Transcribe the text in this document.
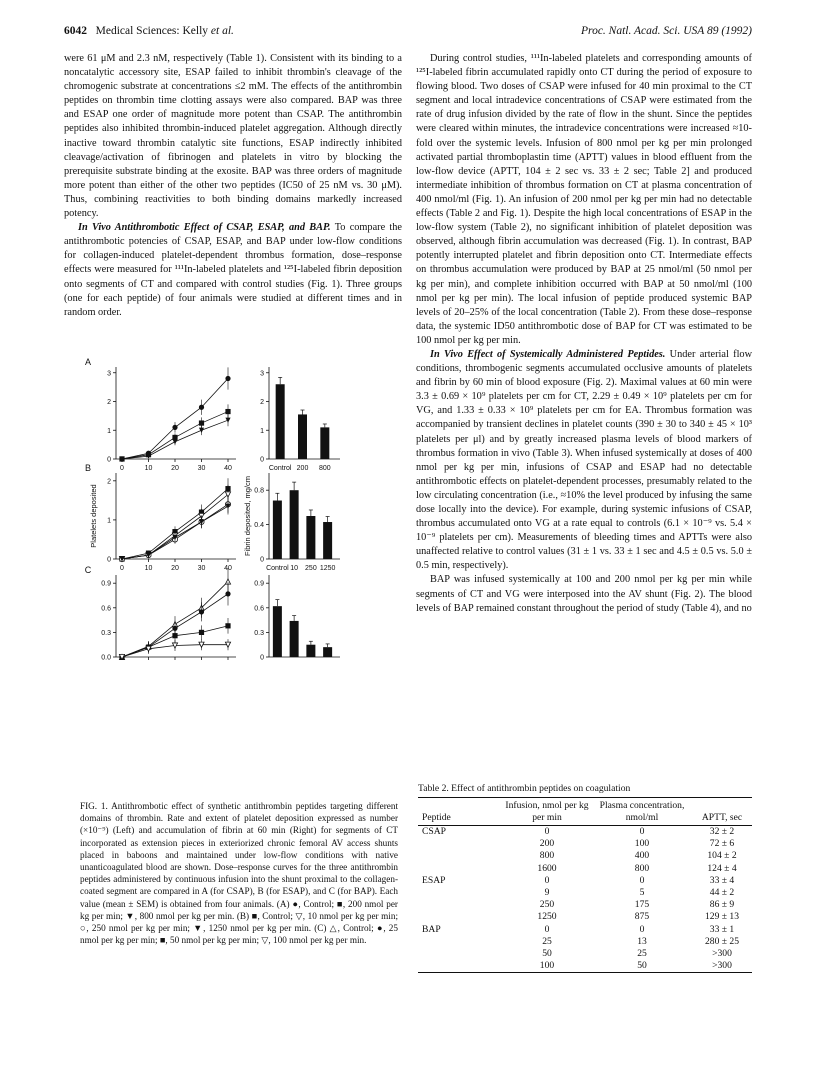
6042 Medical Sciences: Kelly et al.	Proc. Natl. Acad. Sci. USA 89 (1992)

were 61 μM and 2.3 nM, respectively (Table 1). Consistent with its binding to a noncatalytic accessory site, ESAP failed to inhibit thrombin's cleavage of the chromogenic substrate at concentrations ≤2 mM. The effects of the antithrombin peptides on thrombin time clotting assays were also compared. BAP was three and ESAP one order of magnitude more potent than CSAP. The antithrombin peptides also inhibited thrombin-induced platelet aggregation. Although directly inactive toward thrombin catalytic site functions, ESAP indirectly inhibited cleavage/activation of fibrinogen and platelets in vitro by blocking the prerequisite substrate binding at the exosite. BAP was three orders of magnitude more potent than either of the other two peptides (IC50 of 25 nM vs. 30 μM). Thus, combining reactivities to both binding domains markedly increased potency.

In Vivo Antithrombotic Effect of CSAP, ESAP, and BAP. To compare the antithrombotic potencies of CSAP, ESAP, and BAP under low-flow conditions for collagen-induced platelet-dependent thrombus formation, dose–response effects were measured for ¹¹¹In-labeled platelets and ¹²⁵I-labeled fibrin deposition onto segments of CT and compared with control studies (Fig. 1). Three groups (one for each peptide) of four animals were studied at different times and in random order.

A
0
1
2
3
0	10	20	30	40
0
1
2
3
Control 200 800
B
0
1
2
0	10	20	30	40
0
0.4
0.8
Control 10 250 1250
C
0.0
0.3
0.6
0.9
0
0.3
0.6
0.9
Platelets deposited	Fibrin deposited, mg/cm

FIG. 1. Antithrombotic effect of synthetic antithrombin peptides targeting different domains of thrombin. Rate and extent of platelet deposition expressed as number (×10⁻⁹) (Left) and accumulation of fibrin at 60 min (Right) for segments of CT incorporated as extension pieces in exteriorized chronic femoral AV access shunts placed in baboons and maintained under low-flow conditions with native unanticoagulated blood are shown. Dose–response curves for the three antithrombin peptides administered by continuous infusion into the shunt proximal to the collagen-coated segment are compared in A (for CSAP), B (for ESAP), and C (for BAP). Each value (mean ± SEM) is obtained from four animals. (A) ●, Control; ■, 200 nmol per kg per min; ▼, 800 nmol per kg per min. (B) ■, Control; ▽, 10 nmol per kg per min; ○, 250 nmol per kg per min; ▼, 1250 nmol per kg per min. (C) △, Control; ●, 25 nmol per kg per min; ■, 50 nmol per kg per min; ▽, 100 nmol per kg per min.

During control studies, ¹¹¹In-labeled platelets and corresponding amounts of ¹²⁵I-labeled fibrin accumulated rapidly onto CT during the period of exposure to flowing blood. Two doses of CSAP were infused for 40 min proximal to the CT segment and local intradevice concentrations of CSAP were estimated from the rate of drug infusion divided by the rate of flow in the shunt. Since the peptides were cleared within minutes, the intradevice concentrations were increased ≈10-fold over the systemic levels. Infusion of 800 nmol per kg per min prolonged activated partial thromboplastin time (APTT) values in blood effluent from the low-flow device (APTT, 104 ± 2 sec vs. 33 ± 2 sec; Table 2] and produced intermediate inhibition of thrombus formation on CT at plasma concentration of 400 nmol/ml (Fig. 1). An infusion of 200 nmol per kg per min had no detectable effects (Table 2 and Fig. 1). Despite the high local concentrations of ESAP in the low-flow system (Table 2), no significant inhibition of platelet deposition was observed, although fibrin accumulation was decreased (Fig. 1). In contrast, BAP potently interrupted platelet and fibrin deposition onto CT. Intermediate effects on thrombus accumulation were produced by BAP at 25 nmol/ml (50 nmol per kg per min), and complete inhibition occurred with BAP at 50 nmol/ml (100 nmol per kg per min). The local infusion of peptide produced systemic BAP levels of 20–25% of the local concentration (Table 2). From these dose–response data, the systemic ID50 antithrombotic dose of BAP for CT was estimated to be 100 nmol per kg per min.

In Vivo Effect of Systemically Administered Peptides. Under arterial flow conditions, thrombogenic segments accumulated occlusive amounts of platelets and fibrin by 60 min of blood exposure (Fig. 2). Maximal values at 60 min were 3.3 ± 0.69 × 10⁹ platelets per cm for CT, 2.29 ± 0.49 × 10⁹ platelets per cm for VG, and 1.33 ± 0.33 × 10⁹ platelets per cm for EA. Thrombus formation was accompanied by transient declines in platelet counts (390 ± 30 to 340 ± 45 × 10³ platelets per μl) and by greatly increased plasma levels of blood markers of thrombus formation in vivo (Table 3). When infused systemically at doses of 400 nmol per kg per min, infusions of CSAP and ESAP had no detectable antithrombotic effects on platelet-dependent processes, presumably related to the low circulating concentration (i.e., ≈10% the level produced by infusing the same dose locally into the device). For example, during systemic infusions of CSAP, thrombus accumulated onto VG at a rate equal to controls (6.1 × 10⁻⁹ vs. 5.4 × 10⁻⁹ platelets per cm). Measurements of bleeding times and APTTs were also unaffected relative to control values (31 ± 1 vs. 33 ± 1 sec and 4.5 ± 0.5 vs. 5.0 ± 0.5 min, respectively).

BAP was infused systemically at 100 and 200 nmol per kg per min while segments of CT and VG were interposed into the AV shunt (Fig. 2). The blood levels of BAP remained constant throughout the period of study (Table 4), and no

Table 2. Effect of antithrombin peptides on coagulation
Peptide	Infusion, nmol per kg per min	Plasma concentration, nmol/ml	APTT, sec
CSAP	0	0	32 ± 2
	200	100	72 ± 6
	800	400	104 ± 2
	1600	800	124 ± 4
ESAP	0	0	33 ± 4
	9	5	44 ± 2
	250	175	86 ± 9
	1250	875	129 ± 13
BAP	0	0	33 ± 1
	25	13	280 ± 25
	50	25	>300
	100	50	>300
